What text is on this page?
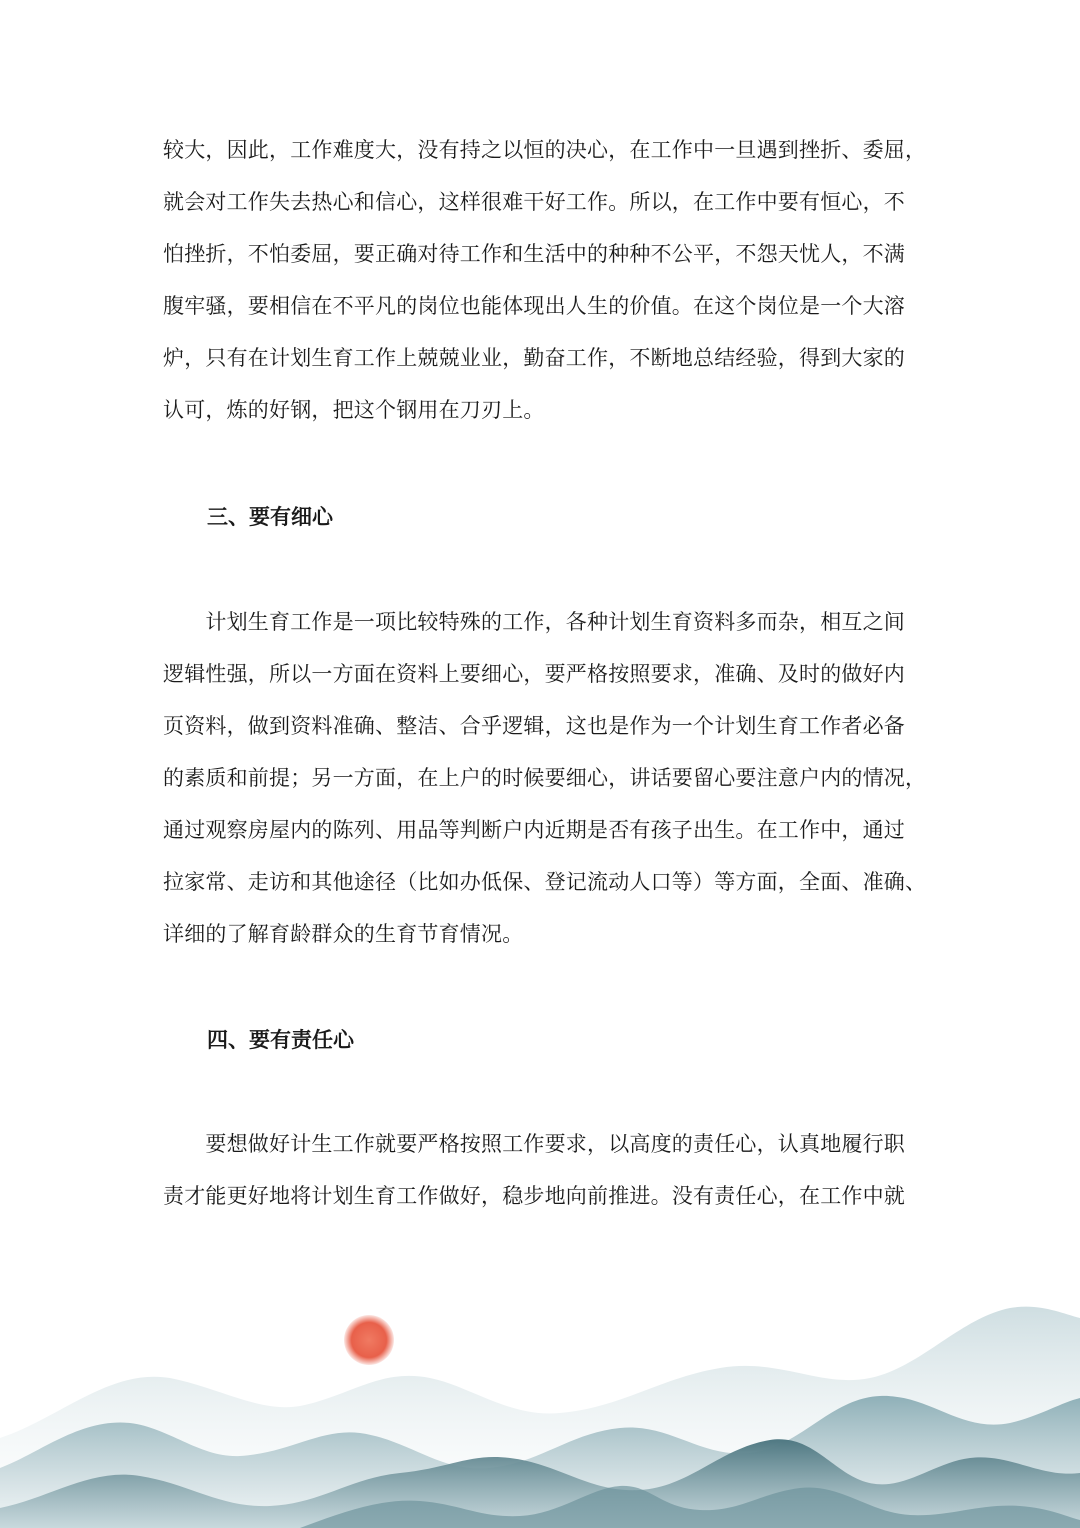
较大，因此，工作难度大，没有持之以恒的决心，在工作中一旦遇到挫折、委屈，
就会对工作失去热心和信心，这样很难干好工作。所以，在工作中要有恒心，不
怕挫折，不怕委屈，要正确对待工作和生活中的种种不公平，不怨天忧人，不满
腹牢骚，要相信在不平凡的岗位也能体现出人生的价值。在这个岗位是一个大溶
炉，只有在计划生育工作上兢兢业业，勤奋工作，不断地总结经验，得到大家的
认可，炼的好钢，把这个钢用在刀刃上。
三、要有细心
　　计划生育工作是一项比较特殊的工作，各种计划生育资料多而杂，相互之间
逻辑性强，所以一方面在资料上要细心，要严格按照要求，准确、及时的做好内
页资料，做到资料准确、整洁、合乎逻辑，这也是作为一个计划生育工作者必备
的素质和前提；另一方面，在上户的时候要细心，讲话要留心要注意户内的情况，
通过观察房屋内的陈列、用品等判断户内近期是否有孩子出生。在工作中，通过
拉家常、走访和其他途径（比如办低保、登记流动人口等）等方面，全面、准确、
详细的了解育龄群众的生育节育情况。
四、要有责任心
　　要想做好计生工作就要严格按照工作要求，以高度的责任心，认真地履行职
责才能更好地将计划生育工作做好，稳步地向前推进。没有责任心，在工作中就
